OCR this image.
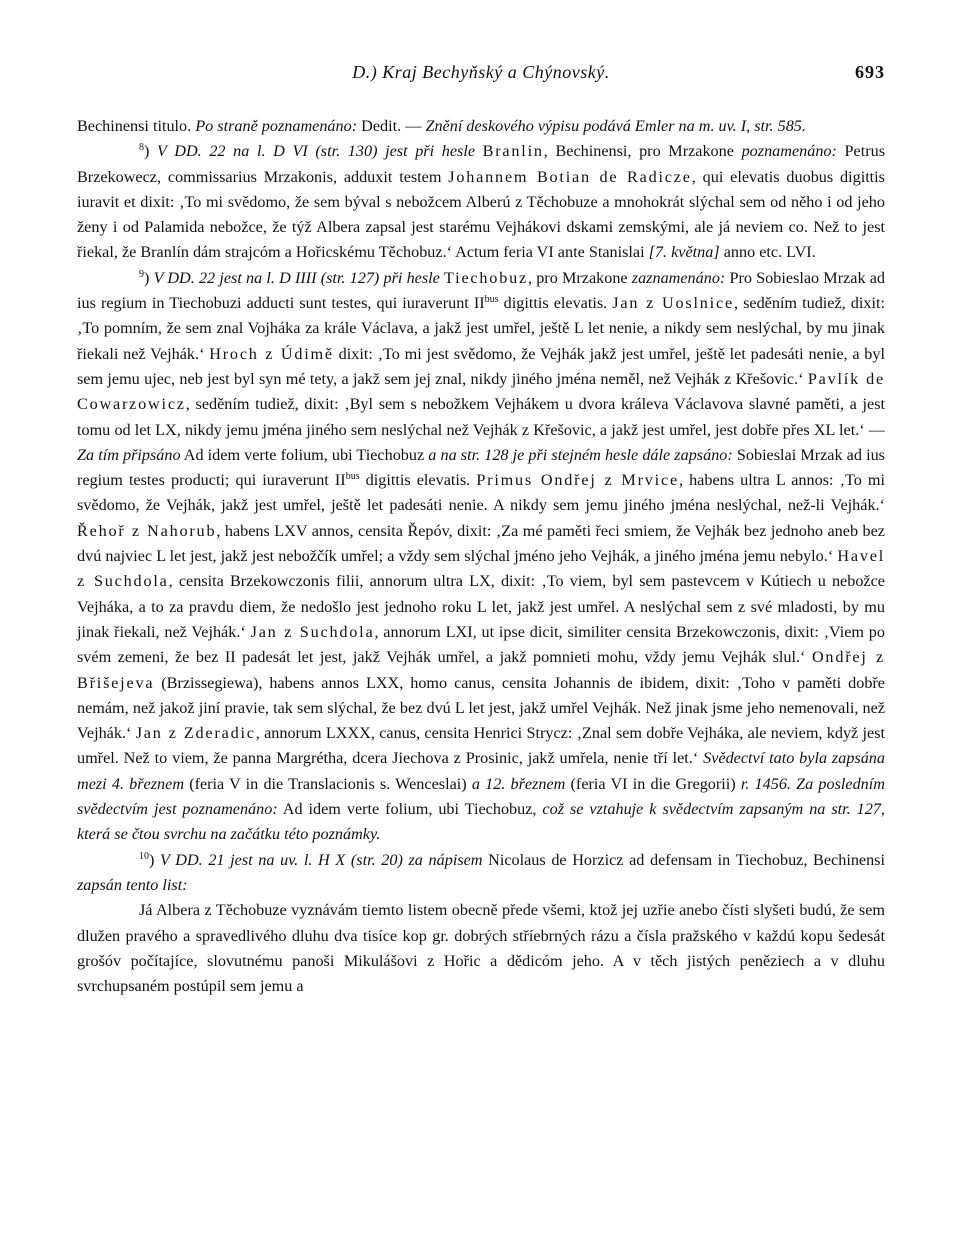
D.) Kraj Bechyňský a Chýnovský.	693

Bechinensi titulo. Po straně poznamenáno: Dedit. — Znění deskového výpisu podává Emler na m. uv. I, str. 585.

$^8$) V DD. 22 na l. D VI (str. 130) jest při hesle Branlin, Bechinensi, pro Mrzakone poznamenáno: Petrus Brzekowecz, commissarius Mrzakonis, adduxit testem Johannem Botian de Radicze, qui elevatis duobus digittis iuravit et dixit: ‚To mi svědomo, že sem býval s nebožcem Alberú z Těchobuze a mnohokrát slýchal sem od něho i od jeho ženy i od Palamida nebožce, že týž Albera zapsal jest starému Vejhákovi dskami zemskými, ale já neviem co. Než to jest řiekal, že Branlín dám strajcóm a Hořicskému Těchobuz.‘ Actum feria VI ante Stanislai [7. května] anno etc. LVI.

$^9$) V DD. 22 jest na l. D IIII (str. 127) při hesle Tiechobuz, pro Mrzakone zaznamenáno: Pro Sobieslao Mrzak ad ius regium in Tiechobuzi adducti sunt testes, qui iuraverunt $II^{bus}$ digittis elevatis. Jan z Uoslnice, seděním tudiež, dixit: ‚To pomním, že sem znal Vojháka za krále Václava, a jakž jest umřel, ještě L let nenie, a nikdy sem neslýchal, by mu jinak řiekali než Vejhák.‘ Hroch z Údimě dixit: ‚To mi jest svědomo, že Vejhák jakž jest umřel, ještě let padesáti nenie, a byl sem jemu ujec, neb jest byl syn mé tety, a jakž sem jej znal, nikdy jiného jména neměl, než Vejhák z Křešovic.‘ Pavlík de Cowarzowicz, seděním tudiež, dixit: ‚Byl sem s nebožkem Vejhákem u dvora králeva Václavova slavné paměti, a jest tomu od let LX, nikdy jemu jména jiného sem neslýchal než Vejhák z Křešovic, a jakž jest umřel, jest dobře přes XL let.‘ — Za tím připsáno Ad idem verte folium, ubi Tiechobuz a na str. 128 je při stejném hesle dále zapsáno: Sobieslai Mrzak ad ius regium testes producti; qui iuraverunt $II^{bus}$ digittis elevatis. Primus Ondřej z Mrvice, habens ultra L annos: ‚To mi svědomo, že Vejhák, jakž jest umřel, ještě let padesáti nenie. A nikdy sem jemu jiného jména neslýchal, než-li Vejhák.‘ Řehoř z Nahorub, habens LXV annos, censita Řepóv, dixit: ‚Za mé paměti řeci smiem, že Vejhák bez jednoho aneb bez dvú najviec L let jest, jakž jest nebožčík umřel; a vždy sem slýchal jméno jeho Vejhák, a jiného jména jemu nebylo.‘ Havel z Suchdola, censita Brzekowczonis filii, annorum ultra LX, dixit: ‚To viem, byl sem pastevcem v Kútiech u nebožce Vejháka, a to za pravdu diem, že nedošlo jest jednoho roku L let, jakž jest umřel. A neslýchal sem z své mladosti, by mu jinak řiekali, než Vejhák.‘ Jan z Suchdola, annorum LXI, ut ipse dicit, similiter censita Brzekowczonis, dixit: ‚Viem po svém zemeni, že bez II padesát let jest, jakž Vejhák umřel, a jakž pomnieti mohu, vždy jemu Vejhák slul.‘ Ondřej z Břišejeva (Brzissegiewa), habens annos LXX, homo canus, censita Johannis de ibidem, dixit: ‚Toho v paměti dobře nemám, než jakož jiní pravie, tak sem slýchal, že bez dvú L let jest, jakž umřel Vejhák. Než jinak jsme jeho nemenovali, než Vejhák.‘ Jan z Zderadic, annorum LXXX, canus, censita Henrici Strycz: ‚Znal sem dobře Vejháka, ale neviem, když jest umřel. Než to viem, že panna Margrétha, dcera Jiechova z Prosinic, jakž umřela, nenie tří let.‘ Svědectví tato byla zapsána mezi 4. březnem (feria V in die Translacionis s. Wenceslai) a 12. březnem (feria VI in die Gregorii) r. 1456. Za posledním svědectvím jest poznamenáno: Ad idem verte folium, ubi Tiechobuz, což se vztahuje k svědectvím zapsaným na str. 127, která se čtou svrchu na začátku této poznámky.

$^{10}$) V DD. 21 jest na uv. l. H X (str. 20) za nápisem Nicolaus de Horzicz ad defensam in Tiechobuz, Bechinensi zapsán tento list:

Já Albera z Těchobuze vyznávám tiemto listem obecně přede všemi, ktož jej uzřie anebo čísti slyšeti budú, že sem dlužen pravého a spravedlivého dluhu dva tisíce kop gr. dobrých stříebrných rázu a čísla pražského v každú kopu šedesát grošóv počítajíce, slovutnému panoši Mikulášovi z Hořic a dědicóm jeho. A v těch jistých peněziech a v dluhu svrchupsaném postúpil sem jemu a
